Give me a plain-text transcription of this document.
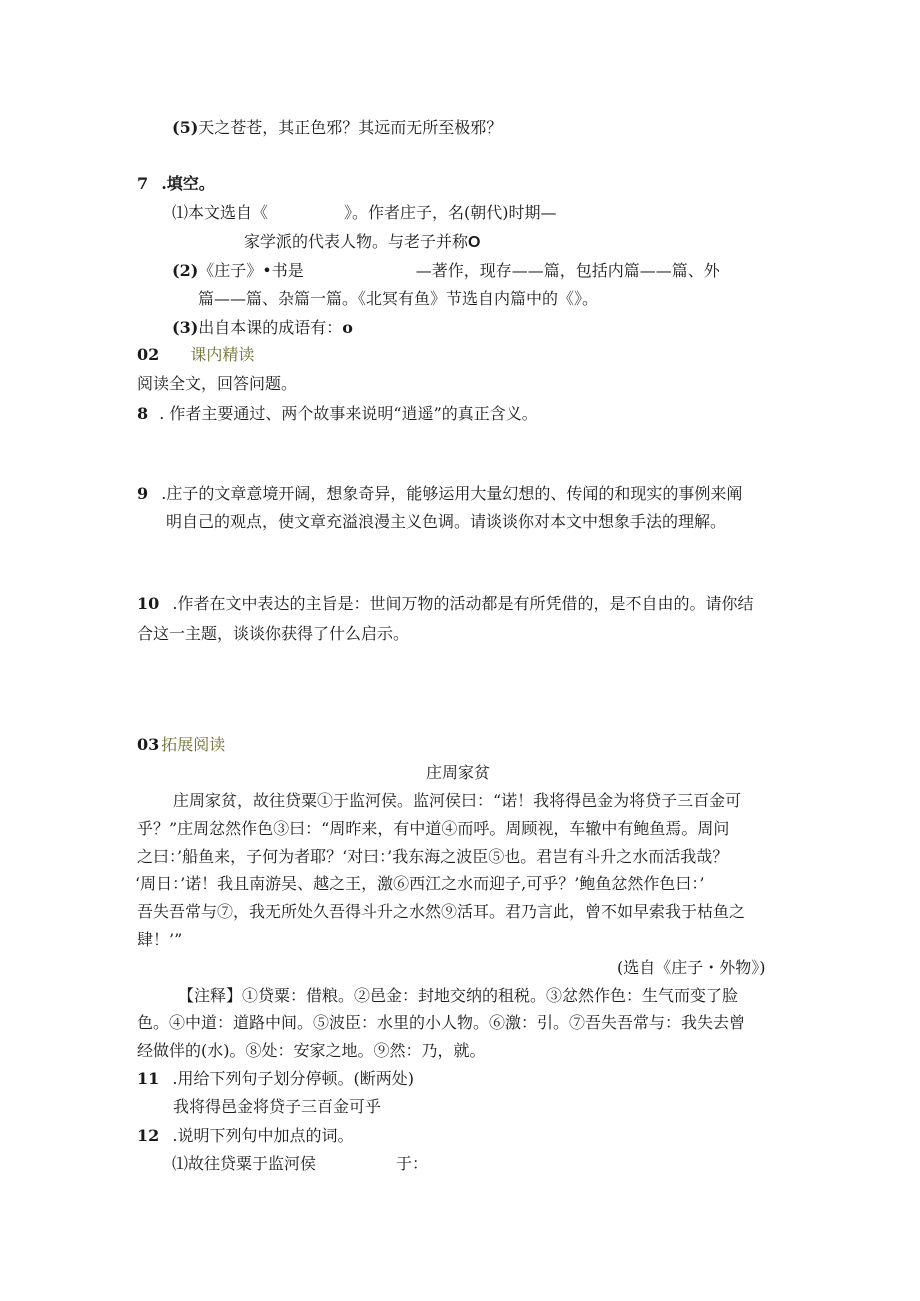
(5)天之苍苍，其正色邪？其远而无所至极邪？
7 .填空。
⑴本文选自《	》。作者庄子，名(朝代)时期—
家学派的代表人物。与老子并称O
(2)《庄子》•书是	—著作，现存——篇，包括内篇——篇、外
篇——篇、杂篇一篇。《北冥有鱼》节选自内篇中的《》。
(3)出自本课的成语有：o
02 课内精读
阅读全文，回答问题。
8 . 作者主要通过、两个故事来说明“逍遥”的真正含义。
9 .庄子的文章意境开阔，想象奇异，能够运用大量幻想的、传闻的和现实的事例来阐
明自己的观点，使文章充溢浪漫主义色调。请谈谈你对本文中想象手法的理解。
10 .作者在文中表达的主旨是：世间万物的活动都是有所凭借的，是不自由的。请你结
合这一主题，谈谈你获得了什么启示。
03 拓展阅读
庄周家贫
庄周家贫，故往贷粟①于监河侯。监河侯曰：“诺！我将得邑金为将贷子三百金可
乎？”庄周忿然作色③曰：“周昨来，有中道④而呼。周顾视，车辙中有鲍鱼焉。周问
之曰：’船鱼来，子何为者耶？‘对曰：’我东海之波臣⑤也。君岂有斗升之水而活我哉？
‘周日：’诺！我且南游吴、越之王，激⑥西江之水而迎子,可乎？’鲍鱼忿然作色曰：’
吾失吾常与⑦，我无所处久吾得斗升之水然⑨活耳。君乃言此，曾不如早索我于枯鱼之
肆！’”
(选自《庄子・外物》)
【注释】①贷粟：借粮。②邑金：封地交纳的租税。③忿然作色：生气而变了脸
色。④中道：道路中间。⑤波臣：水里的小人物。⑥激：引。⑦吾失吾常与：我失去曾
经做伴的(水)。⑧处：安家之地。⑨然：乃，就。
11 .用给下列句子划分停顿。(断两处)
我将得邑金将贷子三百金可乎
12 .说明下列句中加点的词。
⑴故往贷粟于监河侯	于：
